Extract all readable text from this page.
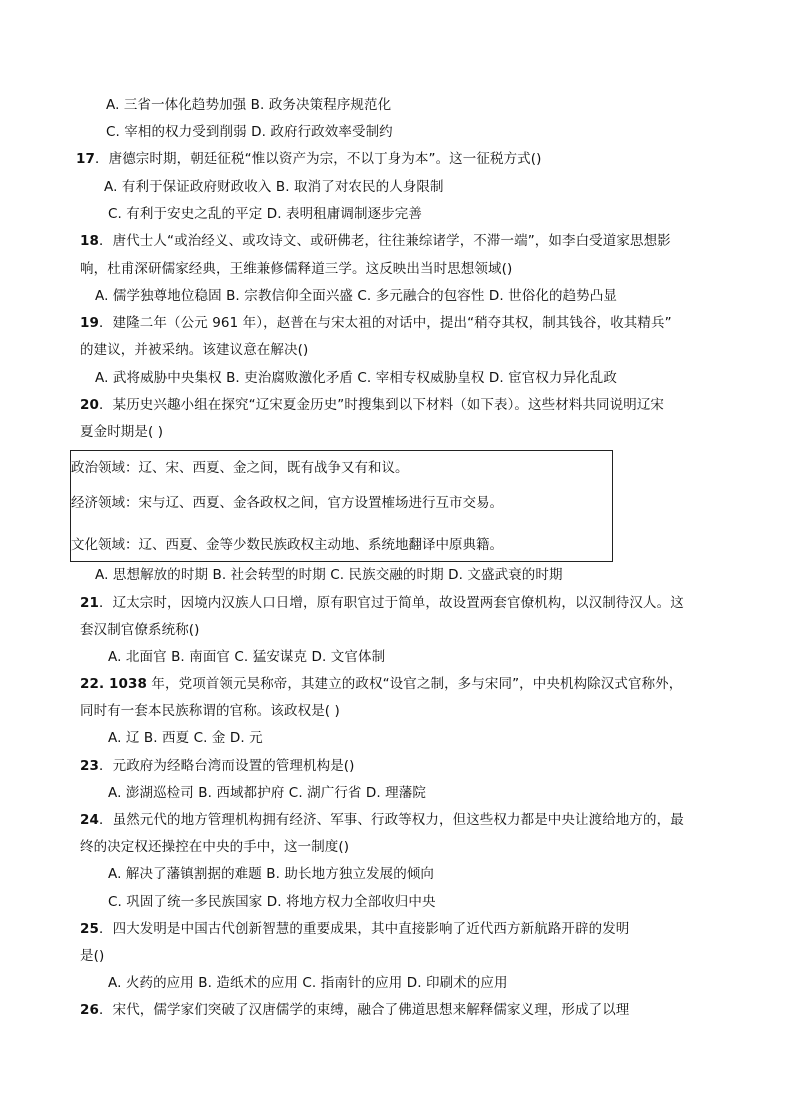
A. 三省一体化趋势加强 B. 政务决策程序规范化
C. 宰相的权力受到削弱 D. 政府行政效率受制约
17．唐德宗时期，朝廷征税“惟以资产为宗，不以丁身为本”。这一征税方式()
A. 有利于保证政府财政收入 B. 取消了对农民的人身限制
C. 有利于安史之乱的平定 D. 表明租庸调制逐步完善
18．唐代士人“或治经义、或攻诗文、或研佛老，往往兼综诸学，不滞一端”，如李白受道家思想影
响，杜甫深研儒家经典，王维兼修儒释道三学。这反映出当时思想领域()
A. 儒学独尊地位稳固 B. 宗教信仰全面兴盛 C. 多元融合的包容性 D. 世俗化的趋势凸显
19．建隆二年（公元 961 年），赵普在与宋太祖的对话中，提出“稍夺其权，制其钱谷，收其精兵”
的建议，并被采纳。该建议意在解决()
A. 武将威胁中央集权 B. 吏治腐败激化矛盾 C. 宰相专权威胁皇权 D. 宦官权力异化乱政
20．某历史兴趣小组在探究“辽宋夏金历史”时搜集到以下材料（如下表）。这些材料共同说明辽宋
夏金时期是( )
政治领域：辽、宋、西夏、金之间，既有战争又有和议。
经济领域：宋与辽、西夏、金各政权之间，官方设置榷场进行互市交易。
文化领域：辽、西夏、金等少数民族政权主动地、系统地翻译中原典籍。
A. 思想解放的时期 B. 社会转型的时期 C. 民族交融的时期 D. 文盛武衰的时期
21．辽太宗时，因境内汉族人口日增，原有职官过于简单，故设置两套官僚机构，以汉制待汉人。这
套汉制官僚系统称()
A. 北面官 B. 南面官 C. 猛安谋克 D. 文官体制
22. 1038 年，党项首领元昊称帝，其建立的政权“设官之制，多与宋同”，中央机构除汉式官称外，
同时有一套本民族称谓的官称。该政权是( )
A. 辽 B. 西夏 C. 金 D. 元
23．元政府为经略台湾而设置的管理机构是()
A. 澎湖巡检司 B. 西域都护府 C. 湖广行省 D. 理藩院
24．虽然元代的地方管理机构拥有经济、军事、行政等权力，但这些权力都是中央让渡给地方的，最
终的决定权还操控在中央的手中，这一制度()
A. 解决了藩镇割据的难题 B. 助长地方独立发展的倾向
C. 巩固了统一多民族国家 D. 将地方权力全部收归中央
25．四大发明是中国古代创新智慧的重要成果，其中直接影响了近代西方新航路开辟的发明
是()
A. 火药的应用 B. 造纸术的应用 C. 指南针的应用 D. 印刷术的应用
26．宋代，儒学家们突破了汉唐儒学的束缚，融合了佛道思想来解释儒家义理，形成了以理
